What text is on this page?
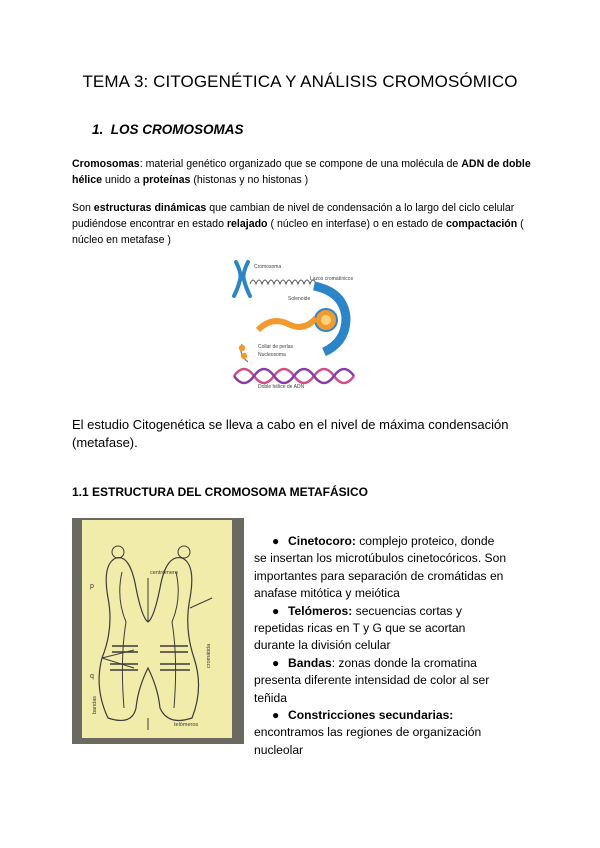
TEMA 3: CITOGENÉTICA Y ANÁLISIS CROMOSÓMICO
1. LOS CROMOSOMAS
Cromosomas: material genético organizado que se compone de una molécula de ADN de doble hélice unido a proteínas (histonas y no histonas )
Son estructuras dinámicas que cambian de nivel de condensación a lo largo del ciclo celular pudiéndose encontrar en estado relajado ( núcleo en interfase) o en estado de compactación ( núcleo en metafase )
Cromosoma
Lazos cromatínicos
Solenoide
Collar de perlas
Nucleosoma
Doble hélice de ADN
El estudio Citogenética se lleva a cabo en el nivel de máxima condensación (metafase).
1.1 ESTRUCTURA DEL CROMOSOMA METAFÁSICO
p
q
centrómero
telómeros
cromátida
bandas
● Cinetocoro: complejo proteico, donde
se insertan los microtúbulos cinetocóricos. Son
importantes para separación de cromátidas en
anafase mitótica y meiótica
● Telómeros: secuencias cortas y
repetidas ricas en T y G que se acortan
durante la división celular
● Bandas: zonas donde la cromatina
presenta diferente intensidad de color al ser
teñida
● Constricciones secundarias:
encontramos las regiones de organización
nucleolar
